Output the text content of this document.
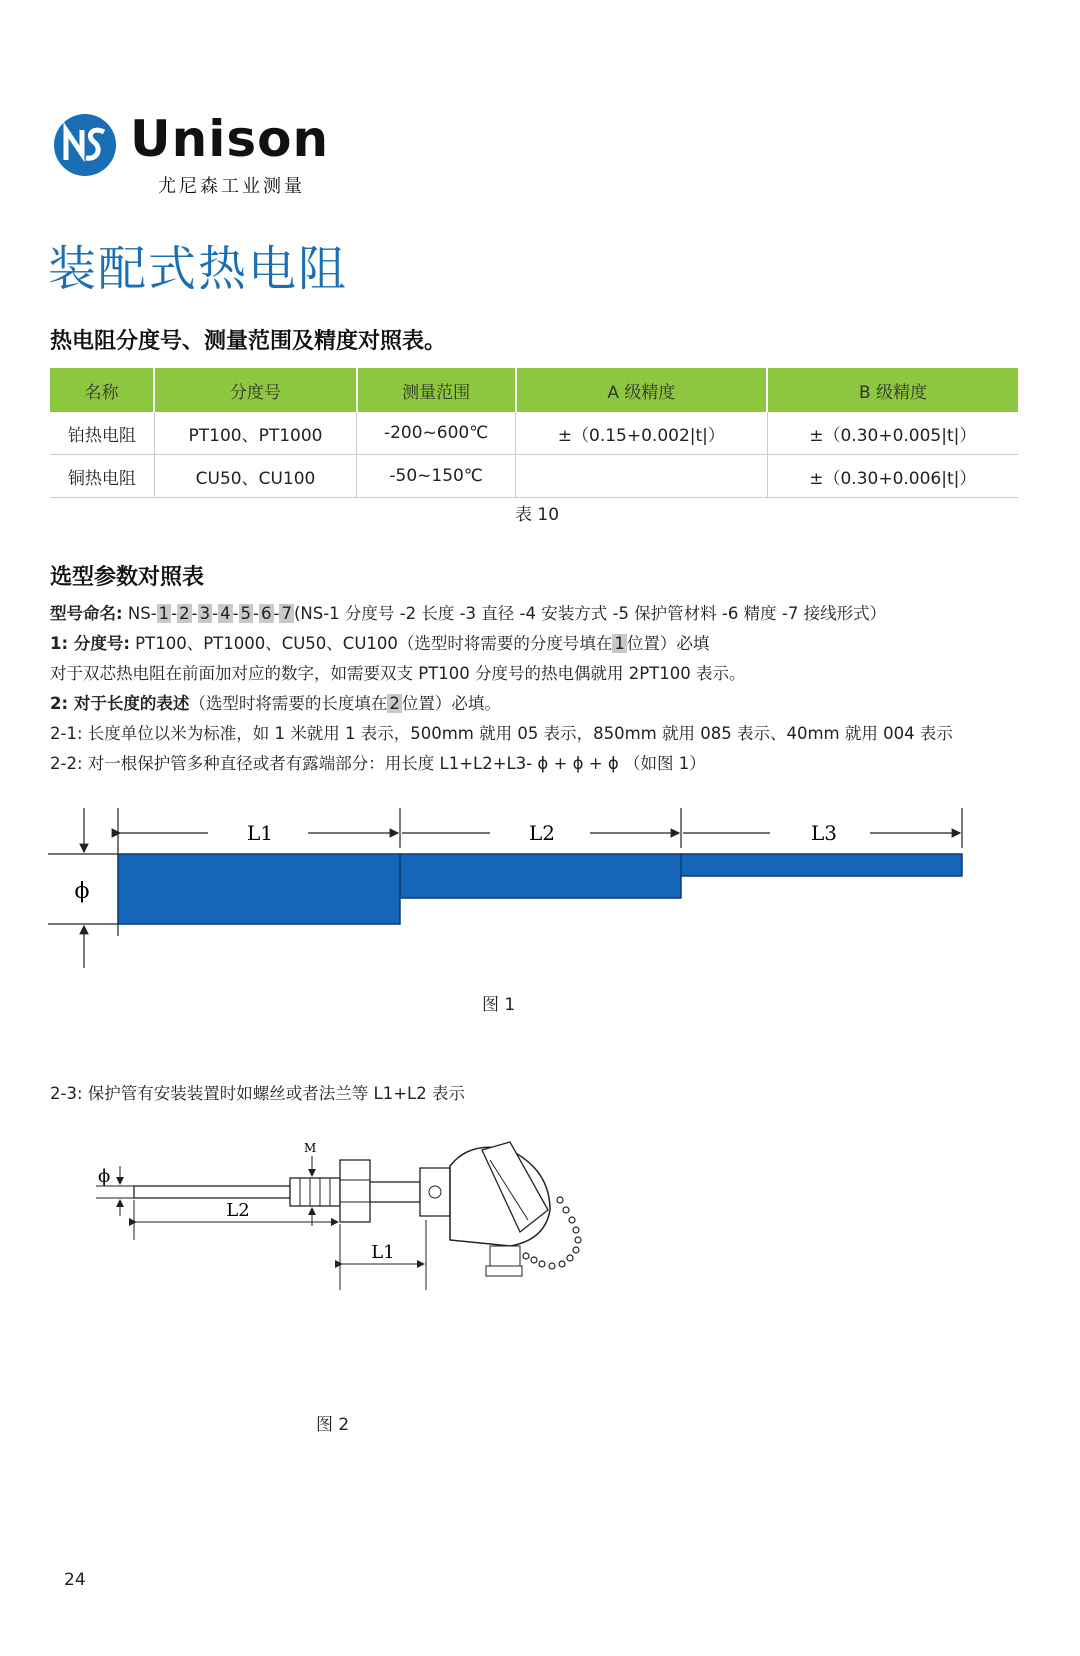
Unison
尤尼森工业测量
装配式热电阻
热电阻分度号、测量范围及精度对照表。
名称	分度号	测量范围	A 级精度	B 级精度
铂热电阻	PT100、PT1000	-200~600℃	±（0.15+0.002|t|）	±（0.30+0.005|t|）
铜热电阻	CU50、CU100	-50~150℃		±（0.30+0.006|t|）
表 10
选型参数对照表
型号命名: NS- 1 - 2 - 3 - 4 - 5 - 6 - 7 (NS-1 分度号 -2 长度 -3 直径 -4 安装方式 -5 保护管材料 -6 精度 -7 接线形式）
1: 分度号: PT100、PT1000、CU50、CU100（选型时将需要的分度号填在 1 位置）必填
对于双芯热电阻在前面加对应的数字，如需要双支 PT100 分度号的热电偶就用 2PT100 表示。
2: 对于长度的表述（选型时将需要的长度填在 2 位置）必填。
2-1: 长度单位以米为标准，如 1 米就用 1 表示，500mm 就用 05 表示，850mm 就用 085 表示、40mm 就用 004 表示
2-2: 对一根保护管多种直径或者有露端部分：用长度 L1+L2+L3- ϕ + ϕ + ϕ （如图 1）
L1	L2	L3
ϕ
图 1
2-3: 保护管有安装装置时如螺丝或者法兰等 L1+L2 表示
ϕ
M
L2
L1
图 2
24
